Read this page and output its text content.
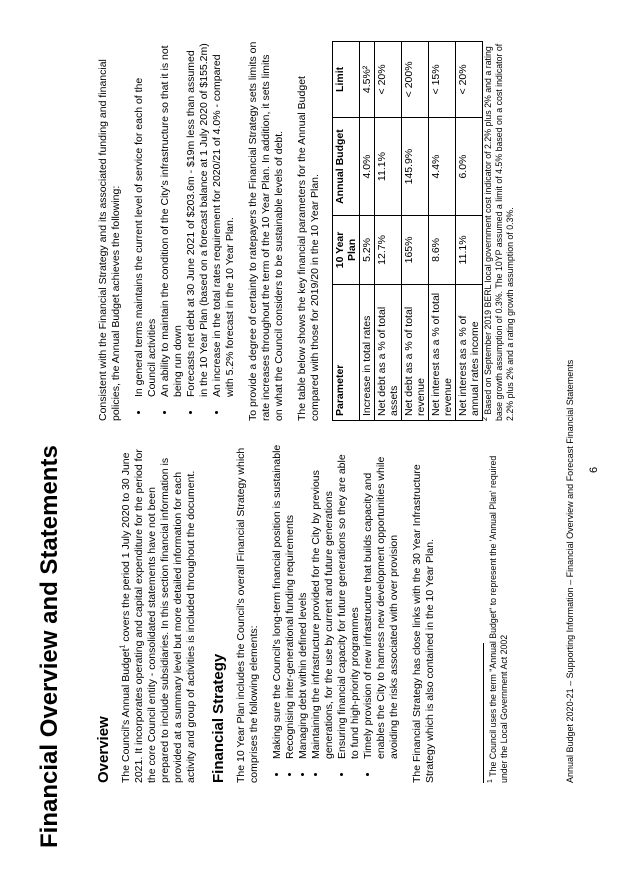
Financial Overview and Statements Overview The Council's Annual Budget$^1$ covers the period 1 July 2020 to 30 June 2021. It incorporates operating and capital expenditure for the period for the core Council entity - consolidated statements have not been prepared to include subsidiaries. In this section financial information is provided at a summary level but more detailed information for each activity and group of activities is included throughout the document. Financial Strategy The 10 Year Plan includes the Council's overall Financial Strategy which comprises the following elements: • Making sure the Council's long-term financial position is sustainable • Recognising inter-generational funding requirements • Managing debt within defined levels • Maintaining the infrastructure provided for the City by previous generations, for the use by current and future generations • Ensuring financial capacity for future generations so they are able to fund high-priority programmes • Timely provision of new infrastructure that builds capacity and enables the City to harness new development opportunities while avoiding the risks associated with over provision The Financial Strategy has close links with the 30 Year Infrastructure Strategy which is also contained in the 10 Year Plan.

Consistent with the Financial Strategy and its associated funding and financial policies, the Annual Budget achieves the following: • In general terms maintains the current level of service for each of the Council activities • An ability to maintain the condition of the City's infrastructure so that it is not being run down • Forecasts net debt at 30 June 2021 of $203.6m - $19m less than assumed in the 10 Year Plan (based on a forecast balance at 1 July 2020 of $155.2m) • An increase in the total rates requirement for 2020/21 of 4.0% - compared with 5.2% forecast in the 10 Year Plan. To provide a degree of certainty to ratepayers the Financial Strategy sets limits on rate increases throughout the term of the 10 Year Plan. In addition, it sets limits on what the Council considers to be sustainable levels of debt. The table below shows the key financial parameters for the Annual Budget compared with those for 2019/20 in the 10 Year Plan. Parameter	10 Year Plan	Annual Budget	Limit
Increase in total rates	5.2%	4.0%	4.5%²
Net debt as a % of total assets	12.7%	11.1%	< 20%
Net debt as a % of total revenue	165%	145.9%	< 200%
Net interest as a % of total revenue	8.6%	4.4%	< 15%
Net interest as a % of annual rates income	11.1%	6.0%	< 20%
$^1$ The Council uses the term "Annual Budget" to represent the 'Annual Plan' required under the Local Government Act 2002
$^2$ Based on September 2019 BERL local government cost indicator of 2.2% plus 2% and a rating base growth assumption of 0.3%. The 10YP assumed a limit of 4.5% based on a cost indicator of 2.2% plus 2% and a rating growth assumption of 0.3%.
Annual Budget 2020-21 – Supporting Information – Financial Overview and Forecast Financial Statements 6
